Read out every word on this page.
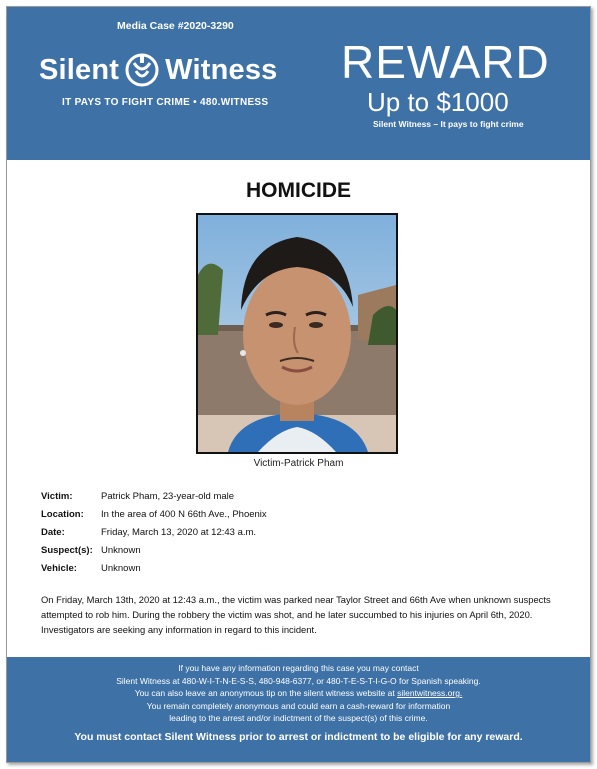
Media Case #2020-3290
Silent Witness
IT PAYS TO FIGHT CRIME • 480.WITNESS
REWARD
Up to $1000
Silent Witness – It pays to fight crime
HOMICIDE
Victim-Patrick Pham
Victim:	Patrick Pham, 23-year-old male
Location: In the area of 400 N 66th Ave., Phoenix
Date:	Friday, March 13, 2020 at 12:43 a.m.
Suspect(s): Unknown
Vehicle:	Unknown
On Friday, March 13th, 2020 at 12:43 a.m., the victim was parked near Taylor Street and 66th Ave when unknown suspects attempted to rob him. During the robbery the victim was shot, and he later succumbed to his injuries on April 6th, 2020. Investigators are seeking any information in regard to this incident.
If you have any information regarding this case you may contact
Silent Witness at 480-W-I-T-N-E-S-S, 480-948-6377, or 480-T-E-S-T-I-G-O for Spanish speaking.
You can also leave an anonymous tip on the silent witness website at silentwitness.org.
You remain completely anonymous and could earn a cash-reward for information
leading to the arrest and/or indictment of the suspect(s) of this crime.
You must contact Silent Witness prior to arrest or indictment to be eligible for any reward.
